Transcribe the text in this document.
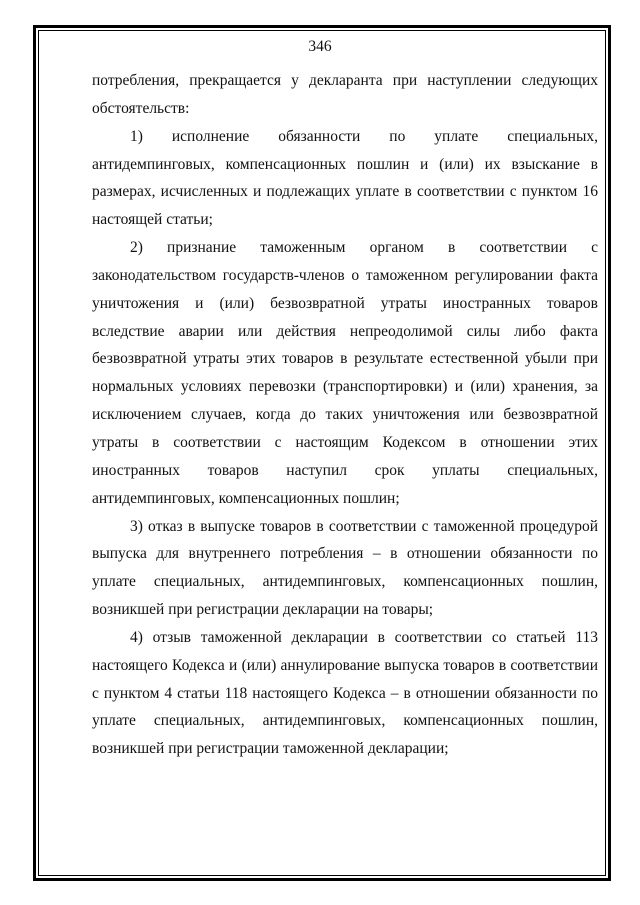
346

потребления, прекращается у декларанта при наступлении следующих обстоятельств:

1) исполнение обязанности по уплате специальных, антидемпинговых, компенсационных пошлин и (или) их взыскание в размерах, исчисленных и подлежащих уплате в соответствии с пунктом 16 настоящей статьи;

2) признание таможенным органом в соответствии с законодательством государств-членов о таможенном регулировании факта уничтожения и (или) безвозвратной утраты иностранных товаров вследствие аварии или действия непреодолимой силы либо факта безвозвратной утраты этих товаров в результате естественной убыли при нормальных условиях перевозки (транспортировки) и (или) хранения, за исключением случаев, когда до таких уничтожения или безвозвратной утраты в соответствии с настоящим Кодексом в отношении этих иностранных товаров наступил срок уплаты специальных, антидемпинговых, компенсационных пошлин;

3) отказ в выпуске товаров в соответствии с таможенной процедурой выпуска для внутреннего потребления – в отношении обязанности по уплате специальных, антидемпинговых, компенсационных пошлин, возникшей при регистрации декларации на товары;

4) отзыв таможенной декларации в соответствии со статьей 113 настоящего Кодекса и (или) аннулирование выпуска товаров в соответствии с пунктом 4 статьи 118 настоящего Кодекса – в отношении обязанности по уплате специальных, антидемпинговых, компенсационных пошлин, возникшей при регистрации таможенной декларации;
